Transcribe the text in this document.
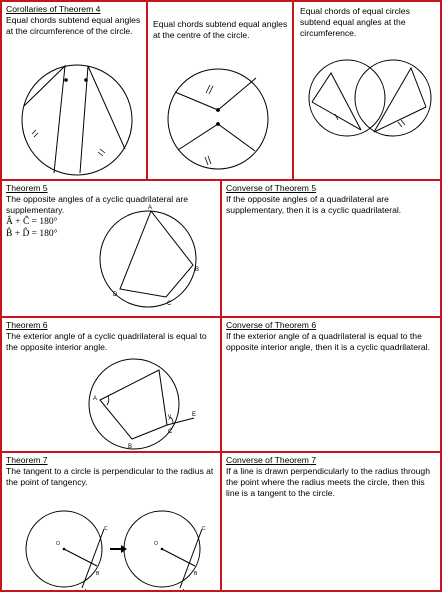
Corollaries of Theorem 4
Equal chords subtend equal angles at the circumference of the circle.
Equal chords subtend equal angles at the centre of the circle.
Equal chords of equal circles subtend equal angles at the circumference.
Theorem 5
The opposite angles of a cyclic quadrilateral are supplementary.
Â + Ĉ = 180°
B̂ + D̂ = 180°
A
B
C
D
Converse of Theorem 5
If the opposite angles of a quadrilateral are supplementary, then it is a cyclic quadrilateral.
Theorem 6
The exterior angle of a cyclic quadrilateral is equal to the opposite interior angle.
A
B
C
E
y
Converse of Theorem 6
If the exterior angle of a quadrilateral is equal to the opposite interior angle, then it is a cyclic quadrilateral.
Theorem 7
The tangent to a circle is perpendicular to the radius at the point of tangency.
O
C
B
A
O
C
B
A
Converse of Theorem 7
If a line is drawn perpendicularly to the radius through the point where the radius meets the circle, then this line is a tangent to the circle.
